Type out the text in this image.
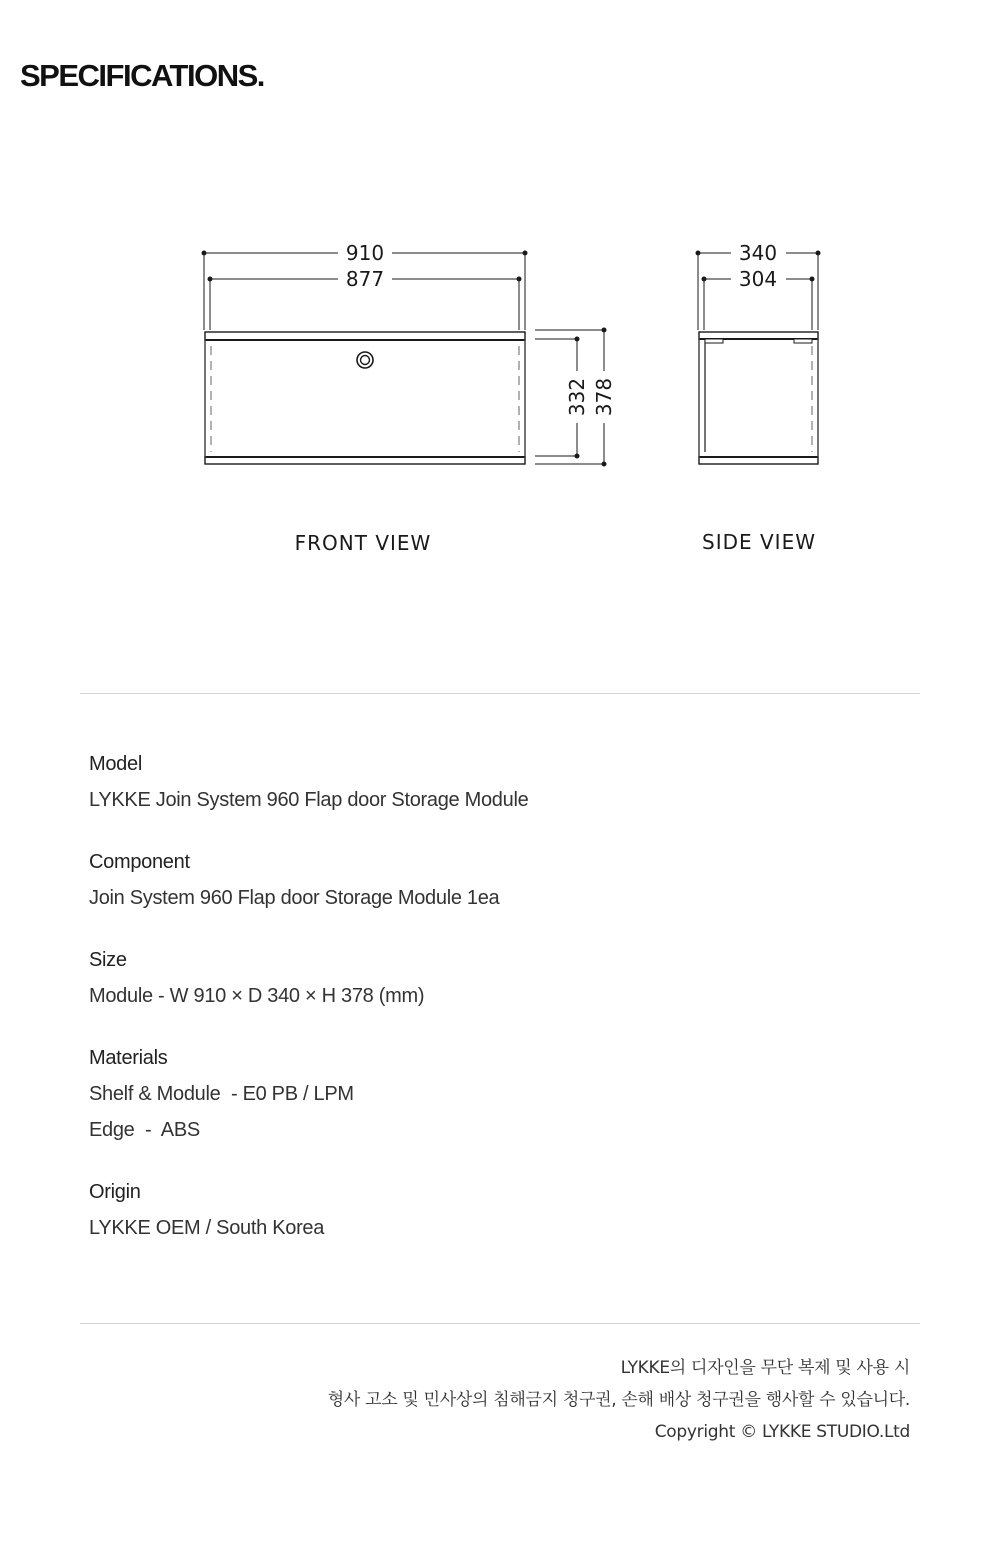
SPECIFICATIONS.
910
877
332 378
FRONT VIEW
340
304
SIDE VIEW
Model
LYKKE Join System 960 Flap door Storage Module
Component
Join System 960 Flap door Storage Module 1ea
Size
Module - W 910 × D 340 × H 378 (mm)
Materials
Shelf & Module  - E0 PB / LPM
Edge  -  ABS
Origin
LYKKE OEM / South Korea
LYKKE의 디자인을 무단 복제 및 사용 시
형사 고소 및 민사상의 침해금지 청구권, 손해 배상 청구권을 행사할 수 있습니다.
Copyright © LYKKE STUDIO.Ltd
